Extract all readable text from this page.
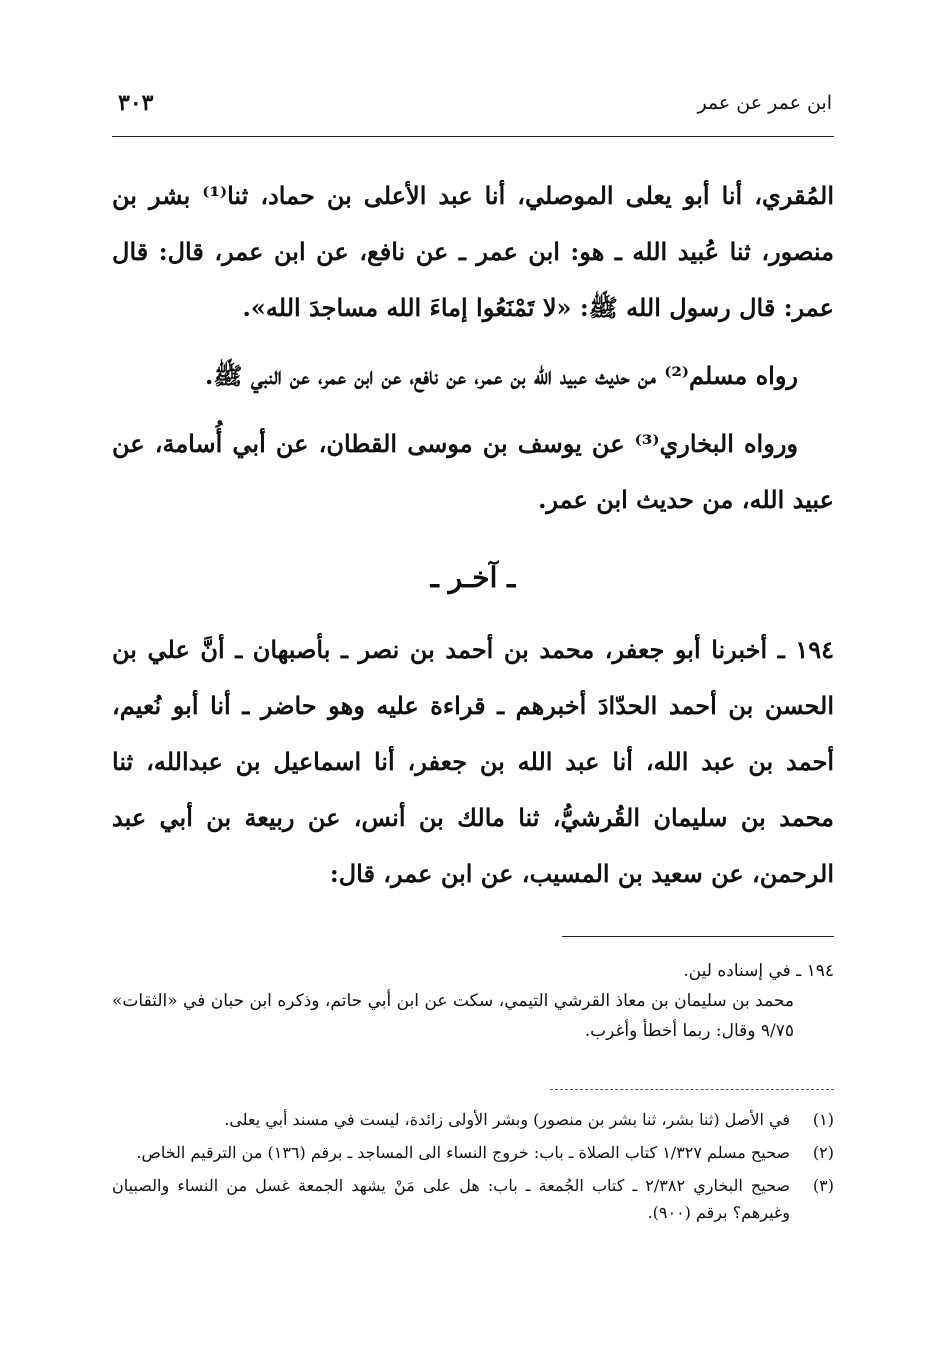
٣٠٣	ابن عمر عن عمر

المُقري، أنا أبو يعلى الموصلي، أنا عبد الأعلى بن حماد، ثنا⁽¹⁾ بشر بن منصور، ثنا عُبيد الله ـ هو: ابن عمر ـ عن نافع، عن ابن عمر، قال: قال عمر: قال رسول الله ﷺ: «لا تَمْنَعُوا إماءَ الله مساجدَ الله».

رواه مسلم⁽²⁾ من حديث عبيد الله بن عمر، عن نافع، عن ابن عمر، عن النبي ﷺ.

ورواه البخاري⁽³⁾ عن يوسف بن موسى القطان، عن أبي أُسامة، عن عبيد الله، من حديث ابن عمر.

ـ آخـر ـ

١٩٤ ـ أخبرنا أبو جعفر، محمد بن أحمد بن نصر ـ بأصبهان ـ أنَّ علي بن الحسن بن أحمد الحدّادَ أخبرهم ـ قراءة عليه وهو حاضر ـ أنا أبو نُعيم، أحمد بن عبد الله، أنا عبد الله بن جعفر، أنا اسماعيل بن عبدالله، ثنا محمد بن سليمان القُرشيُّ، ثنا مالك بن أنس، عن ربيعة بن أبي عبد الرحمن، عن سعيد بن المسيب، عن ابن عمر، قال:

١٩٤ ـ في إسناده لين.

محمد بن سليمان بن معاذ القرشي التيمي، سكت عن ابن أبي حاتم، وذكره ابن حبان في «الثقات» ٩/٧٥ وقال: ربما أخطأ وأغرب.

(١)
في الأصل (ثنا بشر، ثنا بشر بن منصور) وبشر الأولى زائدة، ليست في مسند أبي يعلى.
(٢)
صحيح مسلم ١/٣٢٧ كتاب الصلاة ـ باب: خروج النساء الى المساجد ـ برقم (١٣٦) من الترقيم الخاص.
(٣)
صحيح البخاري ٢/٣٨٢ ـ كتاب الجُمعة ـ باب: هل على مَنْ يشهد الجمعة غسل من النساء والصبيان وغيرهم؟ برقم (٩٠٠).
